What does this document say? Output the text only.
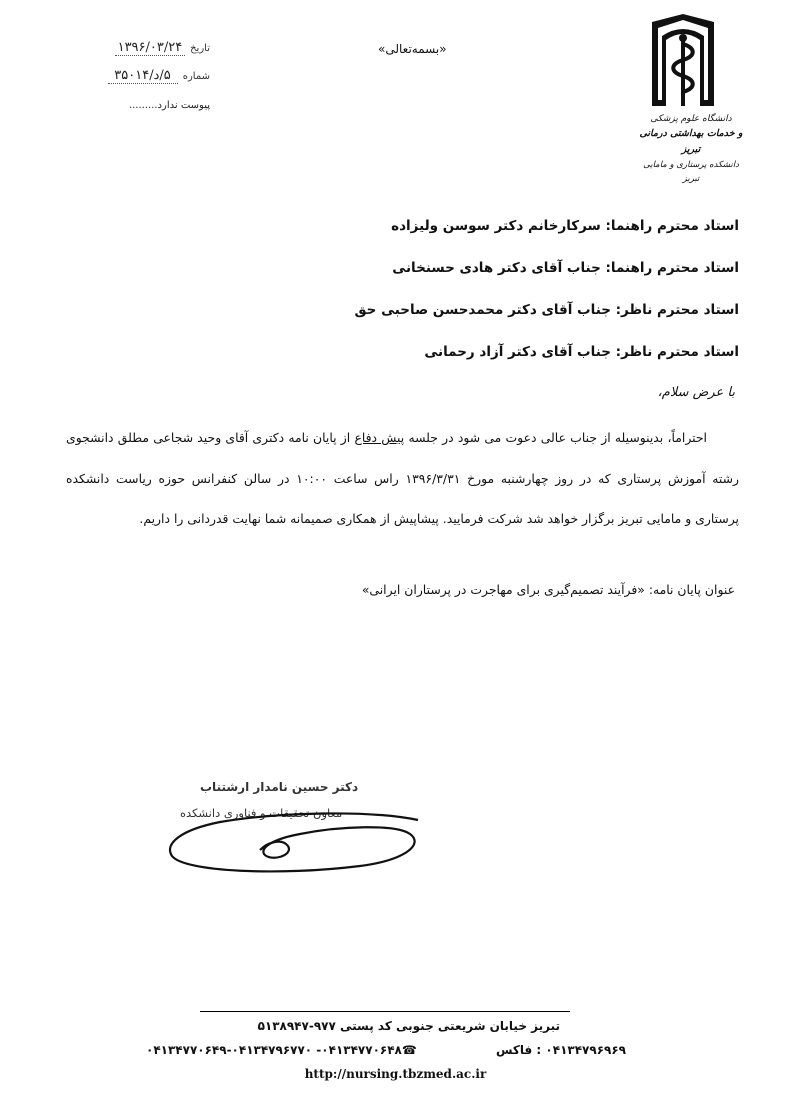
تاریخ ۱۳۹۶/۰۳/۲۴
شماره ۵/د/۳۵۰۱۴
پیوست ندارد.........
«بسمه‌تعالی»
دانشگاه علوم پزشکی
و خدمات بهداشتی درمانی تبریز
دانشکده پرستاری و مامایی تبریز
استاد محترم راهنما: سرکارخانم دکتر سوسن ولیزاده
استاد محترم راهنما: جناب آقای دکتر هادی حسنخانی
استاد محترم ناظر: جناب آقای دکتر محمدحسن صاحبی حق
استاد محترم ناظر: جناب آقای دکتر آزاد رحمانی
با عرض سلام،
احتراماً، بدینوسیله از جناب عالی دعوت می شود در جلسه پیش دفاع از پایان نامه دکتری آقای وحید شجاعی مطلق دانشجوی رشته آموزش پرستاری که در روز چهارشنبه مورخ ۱۳۹۶/۳/۳۱ راس ساعت ۱۰:۰۰ در سالن کنفرانس حوزه ریاست دانشکده پرستاری و مامایی تبریز برگزار خواهد شد شرکت فرمایید. پیشاپیش از همکاری صمیمانه شما نهایت قدردانی را داریم.
عنوان پایان نامه: «فرآیند تصمیم‌گیری برای مهاجرت در پرستاران ایرانی»
دکتر حسین نامدار ارشتناب
معاون تحقیقات و فناوری دانشکده
تبریز خیابان شریعتی جنوبی کد پستی ۹۷۷-۵۱۳۸۹۴۷
۰۴۱۳۴۷۹۶۹۶۹ : فاکس
☎۰۴۱۳۴۷۷۰۶۴۸- ۰۴۱۳۴۷۷۰۶۴۹-۰۴۱۳۴۷۹۶۷۷۰
http://nursing.tbzmed.ac.ir
